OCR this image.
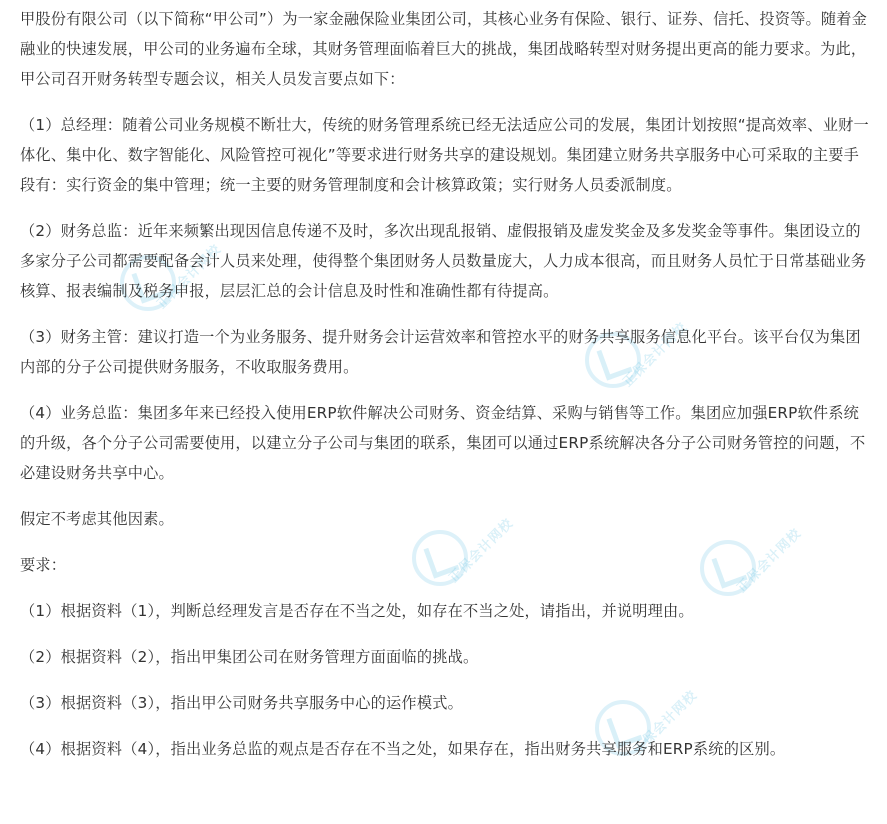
正保会计网校
正保会计网校	正保会计网校
正保会计网校
正保会计网校

甲股份有限公司（以下简称“甲公司”）为一家金融保险业集团公司，其核心业务有保险、银行、证券、信托、投资等。随着金融业的快速发展，甲公司的业务遍布全球，其财务管理面临着巨大的挑战，集团战略转型对财务提出更高的能力要求。为此，甲公司召开财务转型专题会议，相关人员发言要点如下：

（1）总经理：随着公司业务规模不断壮大，传统的财务管理系统已经无法适应公司的发展，集团计划按照“提高效率、业财一体化、集中化、数字智能化、风险管控可视化”等要求进行财务共享的建设规划。集团建立财务共享服务中心可采取的主要手段有：实行资金的集中管理；统一主要的财务管理制度和会计核算政策；实行财务人员委派制度。

（2）财务总监：近年来频繁出现因信息传递不及时，多次出现乱报销、虚假报销及虚发奖金及多发奖金等事件。集团设立的多家分子公司都需要配备会计人员来处理，使得整个集团财务人员数量庞大，人力成本很高，而且财务人员忙于日常基础业务核算、报表编制及税务申报，层层汇总的会计信息及时性和准确性都有待提高。

（3）财务主管：建议打造一个为业务服务、提升财务会计运营效率和管控水平的财务共享服务信息化平台。该平台仅为集团内部的分子公司提供财务服务，不收取服务费用。

（4）业务总监：集团多年来已经投入使用ERP软件解决公司财务、资金结算、采购与销售等工作。集团应加强ERP软件系统的升级，各个分子公司需要使用，以建立分子公司与集团的联系，集团可以通过ERP系统解决各分子公司财务管控的问题，不必建设财务共享中心。

假定不考虑其他因素。

要求：

（1）根据资料（1），判断总经理发言是否存在不当之处，如存在不当之处，请指出，并说明理由。

（2）根据资料（2），指出甲集团公司在财务管理方面面临的挑战。

（3）根据资料（3），指出甲公司财务共享服务中心的运作模式。

（4）根据资料（4），指出业务总监的观点是否存在不当之处，如果存在，指出财务共享服务和ERP系统的区别。
